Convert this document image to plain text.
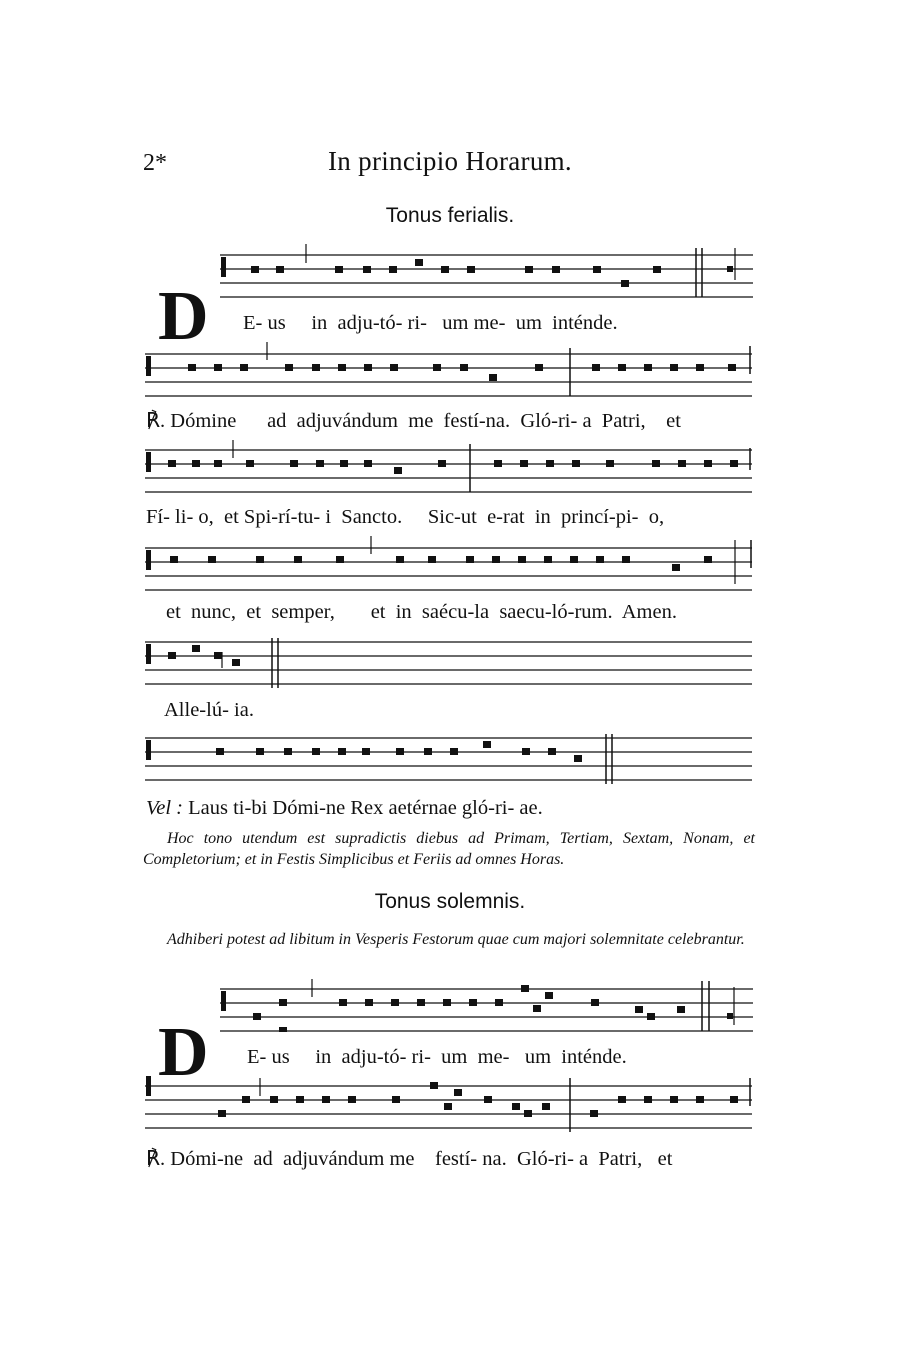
2*	In principio Horarum.
Tonus ferialis.
D E- us     in  adju-tó- ri-   um me-  um  inténde.
℟. Dómine      ad  adjuvándum  me  festí-na.  Gló-ri- a  Patri,    et
Fí- li- o,  et Spi-rí-tu- i  Sancto.     Sic-ut  e-rat  in  princí-pi-  o,
et  nunc,  et  semper,       et  in  saécu-la  saecu-ló-rum.  Amen.
Alle-lú- ia.
Vel : Laus ti-bi Dómi-ne Rex aetérnae gló-ri- ae.
Hoc tono utendum est supradictis diebus ad Primam, Tertiam, Sextam, Nonam, et Completorium; et in Festis Simplicibus et Feriis ad omnes Horas.
Tonus solemnis.
Adhiberi potest ad libitum in Vesperis Festorum quae cum majori solemnitate celebrantur.
D E- us     in  adju-tó- ri-  um  me-   um  inténde.
℟. Dómi-ne  ad  adjuvándum me    festí- na.  Gló-ri- a  Patri,   et
